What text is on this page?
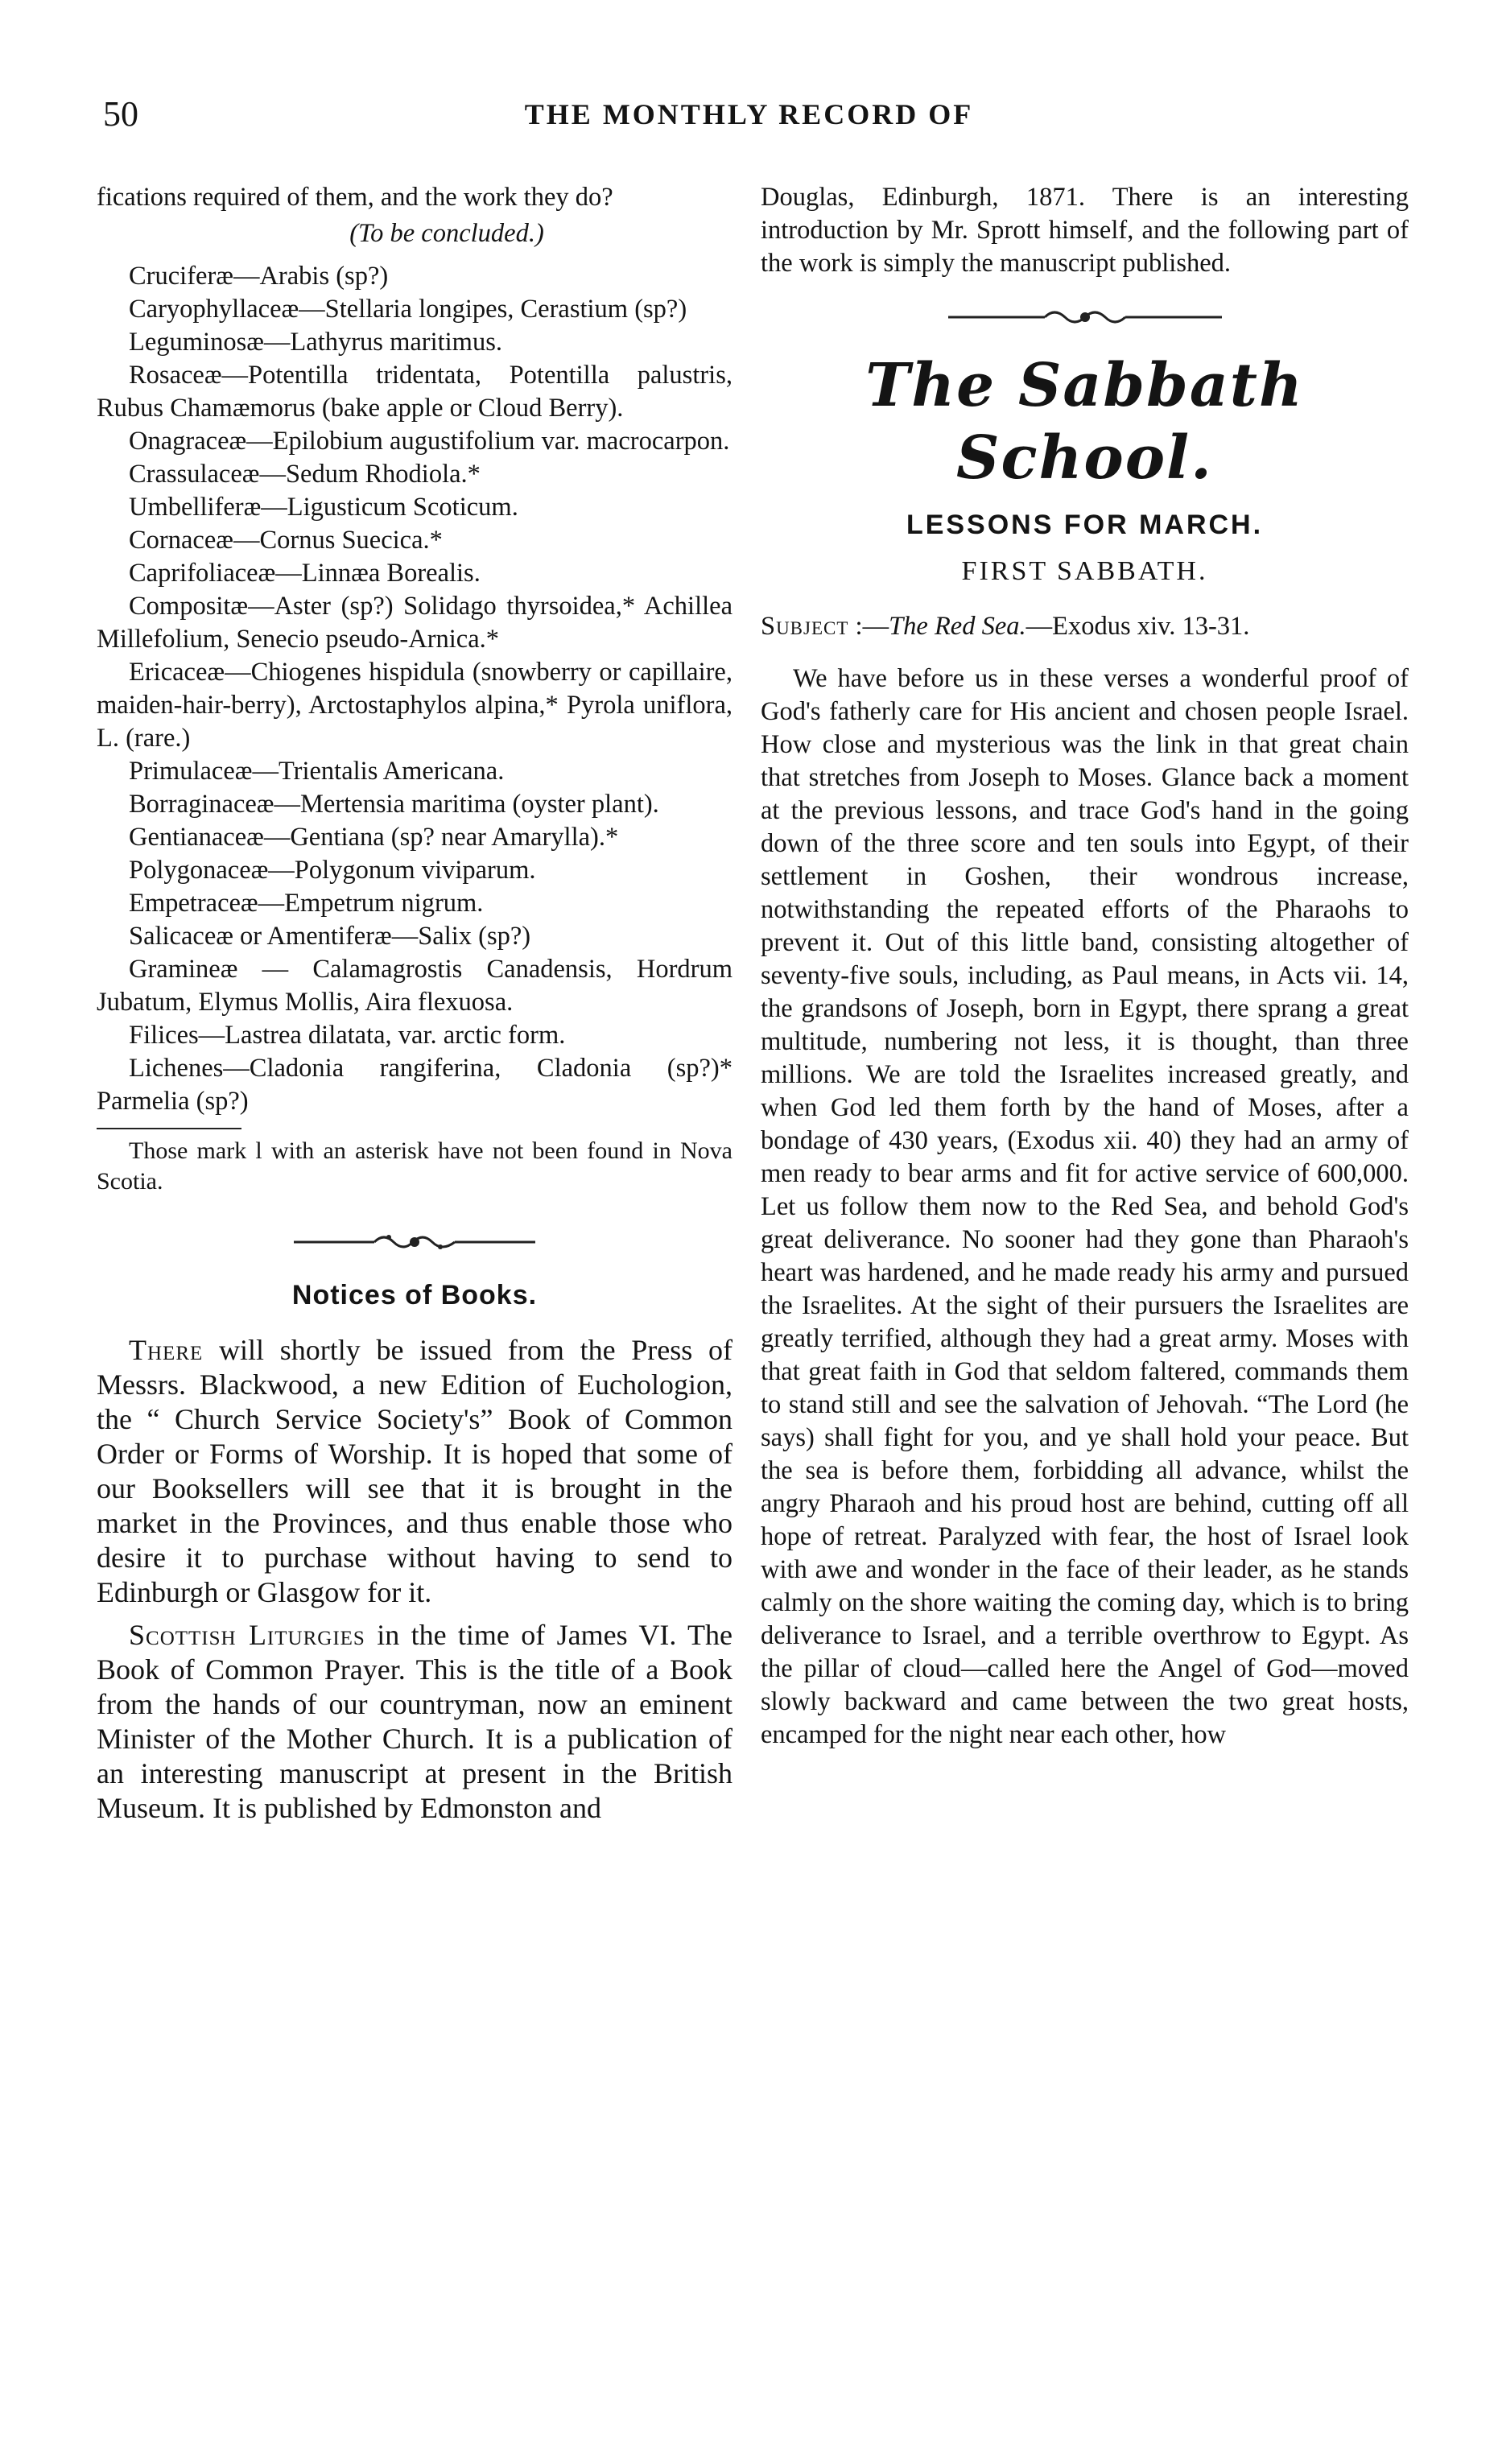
50	THE MONTHLY RECORD OF

fications required of them, and the work they do?

(To be concluded.)

Cruciferæ—Arabis (sp?)

Caryophyllaceæ—Stellaria longipes, Cerastium (sp?)

Leguminosæ—Lathyrus maritimus.

Rosaceæ—Potentilla tridentata, Potentilla palustris, Rubus Chamæmorus (bake apple or Cloud Berry).

Onagraceæ—Epilobium augustifolium var. macrocarpon.

Crassulaceæ—Sedum Rhodiola.*

Umbelliferæ—Ligusticum Scoticum.

Cornaceæ—Cornus Suecica.*

Caprifoliaceæ—Linnæa Borealis.

Compositæ—Aster (sp?) Solidago thyrsoidea,* Achillea Millefolium, Senecio pseudo-Arnica.*

Ericaceæ—Chiogenes hispidula (snowberry or capillaire, maiden-hair-berry), Arctostaphylos alpina,* Pyrola uniflora, L. (rare.)

Primulaceæ—Trientalis Americana.

Borraginaceæ—Mertensia maritima (oyster plant).

Gentianaceæ—Gentiana (sp? near Amarylla).*

Polygonaceæ—Polygonum viviparum.

Empetraceæ—Empetrum nigrum.

Salicaceæ or Amentiferæ—Salix (sp?)

Gramineæ — Calamagrostis Canadensis, Hordrum Jubatum, Elymus Mollis, Aira flexuosa.

Filices—Lastrea dilatata, var. arctic form.

Lichenes—Cladonia rangiferina, Cladonia (sp?)* Parmelia (sp?)

Those mark l with an asterisk have not been found in Nova Scotia.

Notices of Books.

There will shortly be issued from the Press of Messrs. Blackwood, a new Edition of Euchologion, the “ Church Service Society's” Book of Common Order or Forms of Worship. It is hoped that some of our Booksellers will see that it is brought in the market in the Provinces, and thus enable those who desire it to purchase without having to send to Edinburgh or Glasgow for it.

Scottish Liturgies in the time of James VI. The Book of Common Prayer. This is the title of a Book from the hands of our countryman, now an eminent Minister of the Mother Church. It is a publication of an interesting manuscript at present in the British Museum. It is published by Edmonston and

Douglas, Edinburgh, 1871. There is an interesting introduction by Mr. Sprott himself, and the following part of the work is simply the manuscript published.

The Sabbath School.
LESSONS FOR MARCH.
FIRST SABBATH.

Subject :—The Red Sea.—Exodus xiv. 13-31.

We have before us in these verses a wonderful proof of God's fatherly care for His ancient and chosen people Israel. How close and mysterious was the link in that great chain that stretches from Joseph to Moses. Glance back a moment at the previous lessons, and trace God's hand in the going down of the three score and ten souls into Egypt, of their settlement in Goshen, their wondrous increase, notwithstanding the repeated efforts of the Pharaohs to prevent it. Out of this little band, consisting altogether of seventy-five souls, including, as Paul means, in Acts vii. 14, the grandsons of Joseph, born in Egypt, there sprang a great multitude, numbering not less, it is thought, than three millions. We are told the Israelites increased greatly, and when God led them forth by the hand of Moses, after a bondage of 430 years, (Exodus xii. 40) they had an army of men ready to bear arms and fit for active service of 600,000. Let us follow them now to the Red Sea, and behold God's great deliverance. No sooner had they gone than Pharaoh's heart was hardened, and he made ready his army and pursued the Israelites. At the sight of their pursuers the Israelites are greatly terrified, although they had a great army. Moses with that great faith in God that seldom faltered, commands them to stand still and see the salvation of Jehovah. “The Lord (he says) shall fight for you, and ye shall hold your peace. But the sea is before them, forbidding all advance, whilst the angry Pharaoh and his proud host are behind, cutting off all hope of retreat. Paralyzed with fear, the host of Israel look with awe and wonder in the face of their leader, as he stands calmly on the shore waiting the coming day, which is to bring deliverance to Israel, and a terrible overthrow to Egypt. As the pillar of cloud—called here the Angel of God—moved slowly backward and came between the two great hosts, encamped for the night near each other, how
